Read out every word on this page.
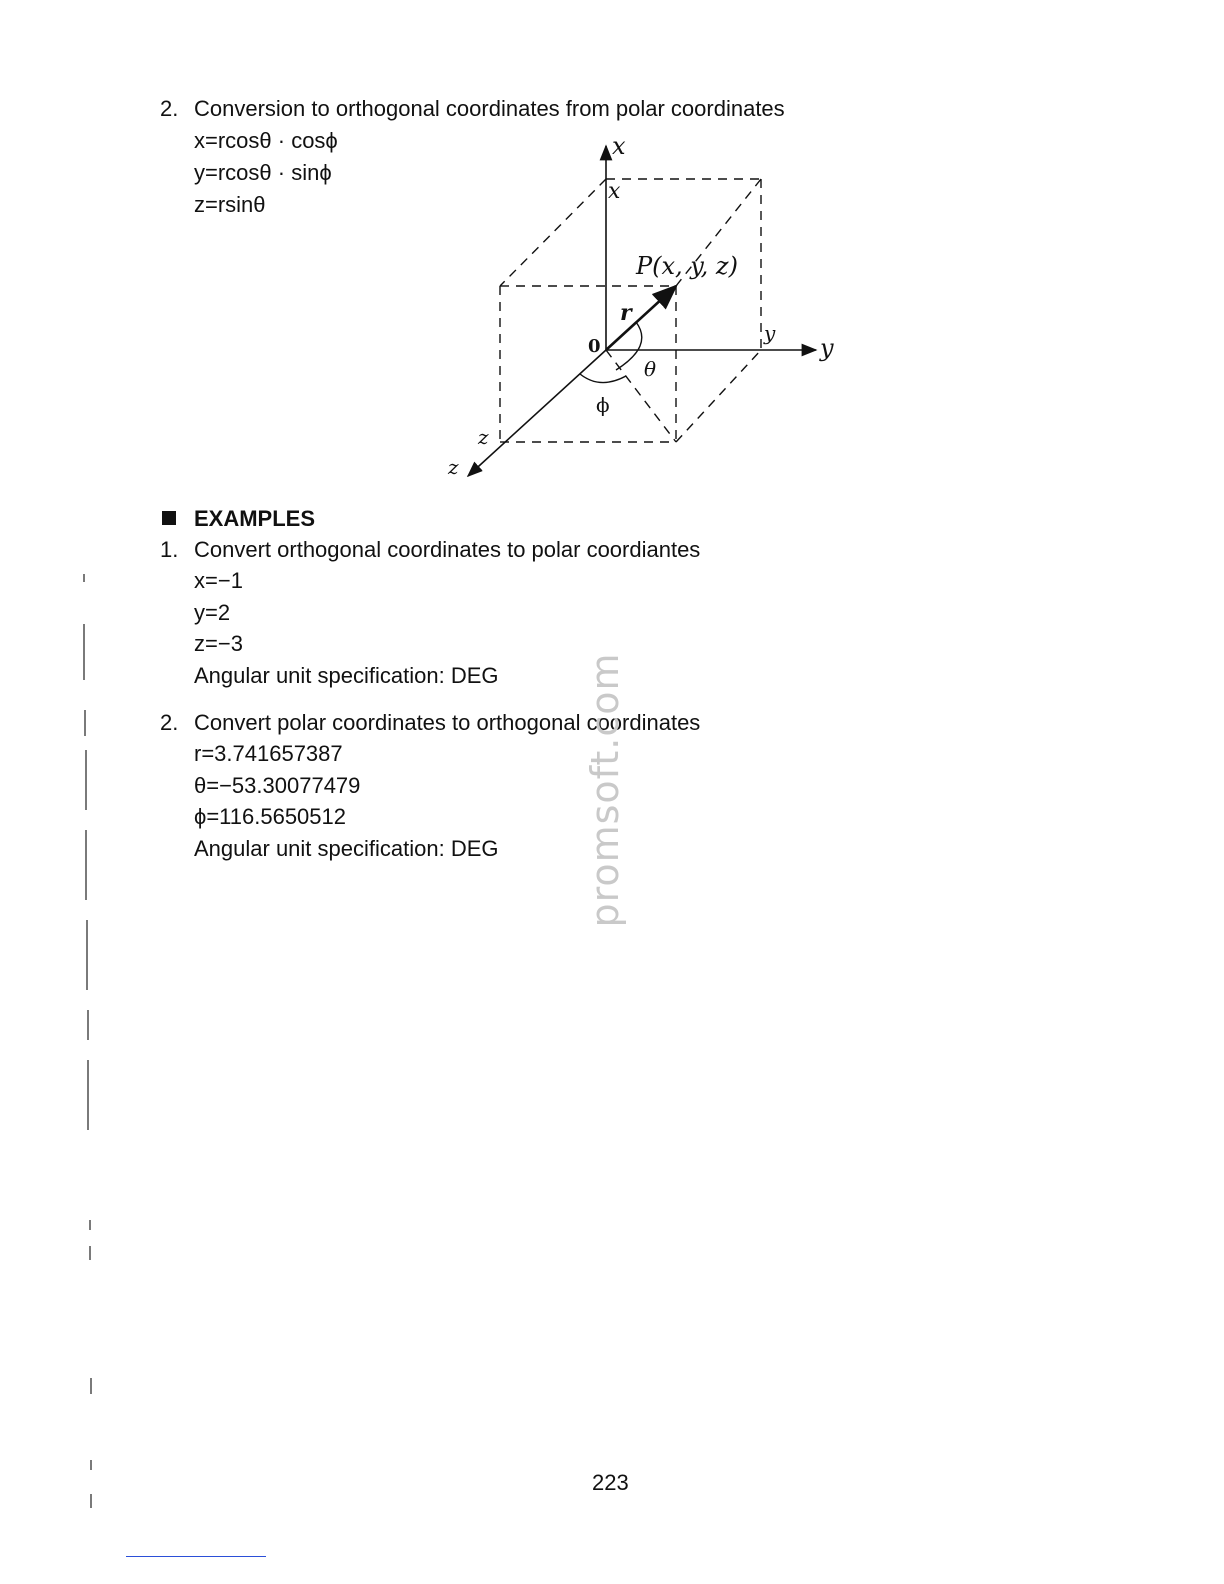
2. Conversion to orthogonal coordinates from polar coordinates
x=rcosθ · cosϕ
y=rcosθ · sinϕ
z=rsinθ
x
y
z
x
y
z
P(x, y, z)
r
θ
0
ϕ
EXAMPLES
1. Convert orthogonal coordinates to polar coordiantes
x=−1
y=2
z=−3
Angular unit specification: DEG
2. Convert polar coordinates to orthogonal coordinates
r=3.741657387
θ=−53.30077479
ϕ=116.5650512
Angular unit specification: DEG promsoft.com
223
